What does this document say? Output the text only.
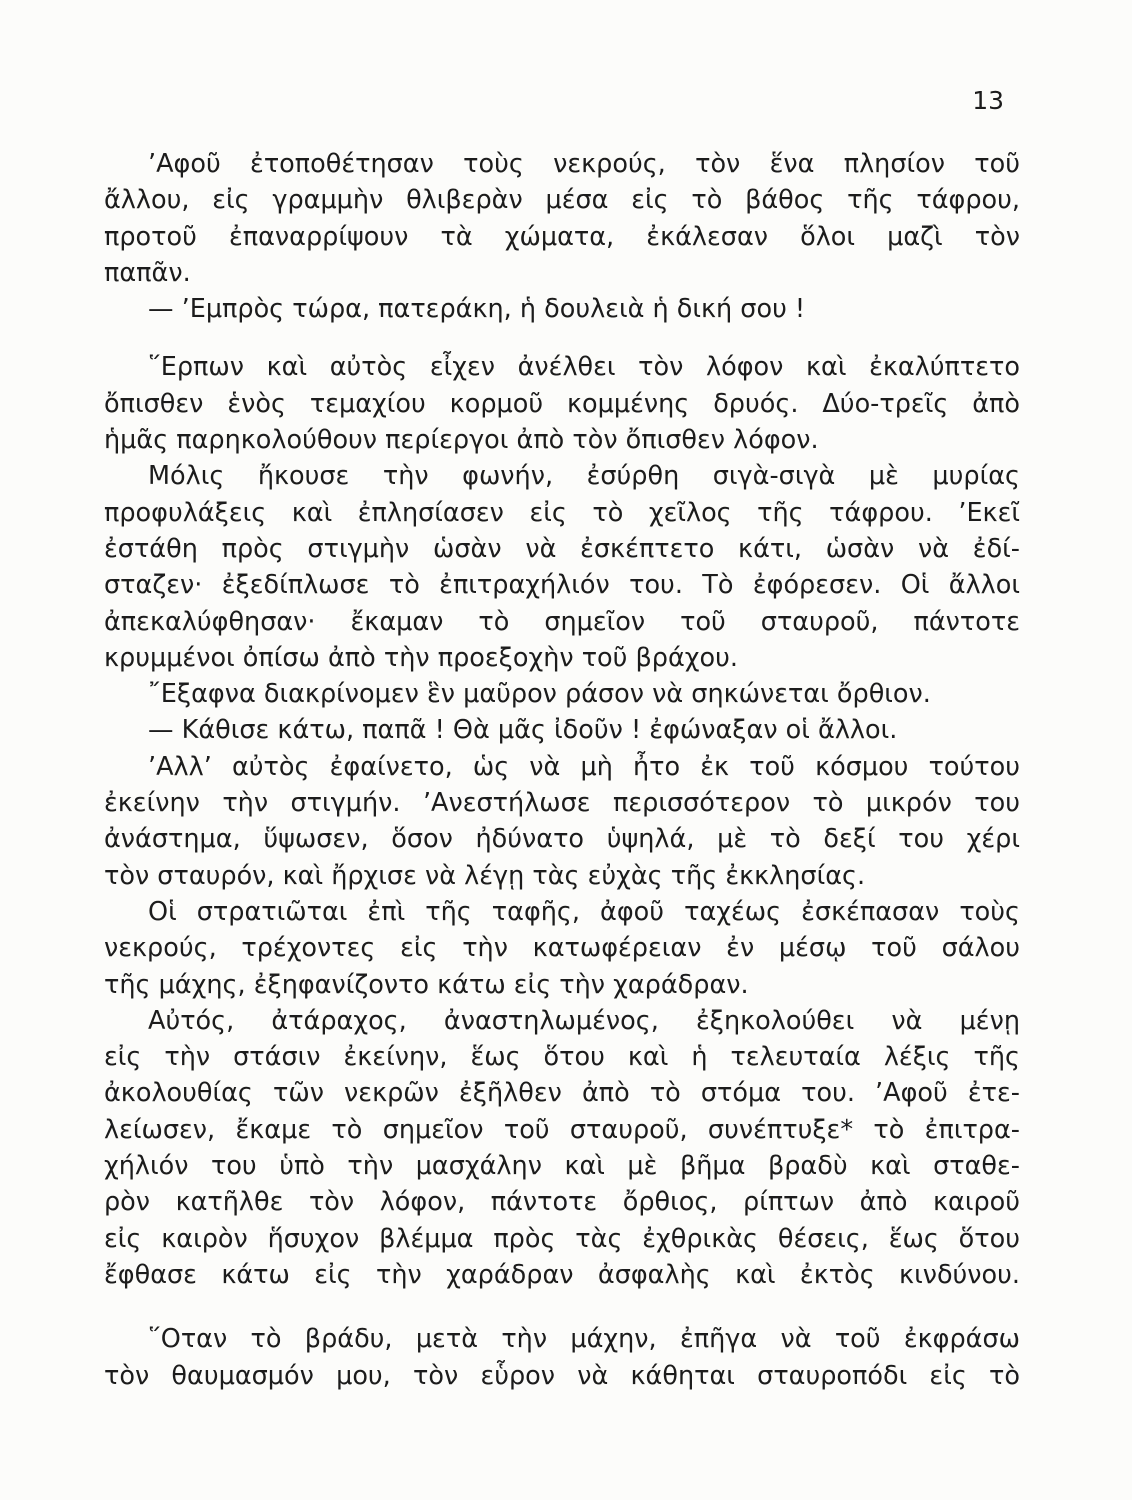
13
’Αφοῦ ἐτοποθέτησαν τοὺς νεκρούς, τὸν ἕνα πλησίον τοῦ
ἄλλου, εἰς γραμμὴν θλιβερὰν μέσα εἰς τὸ βάθος τῆς τάφρου,
προτοῦ ἐπαναρρίψουν τὰ χώματα, ἐκάλεσαν ὅλοι μαζὶ τὸν
παπᾶν.
— ’Εμπρὸς τώρα, πατεράκη, ἡ δουλειὰ ἡ δική σου !
῞Ερπων καὶ αὐτὸς εἶχεν ἀνέλθει τὸν λόφον καὶ ἐκαλύπτετο
ὄπισθεν ἑνὸς τεμαχίου κορμοῦ κομμένης δρυός. Δύο-τρεῖς ἀπὸ
ἡμᾶς παρηκολούθουν περίεργοι ἀπὸ τὸν ὄπισθεν λόφον.
Μόλις ἤκουσε τὴν φωνήν, ἐσύρθη σιγὰ-σιγὰ μὲ μυρίας
προφυλάξεις καὶ ἐπλησίασεν εἰς τὸ χεῖλος τῆς τάφρου. ’Εκεῖ
ἐστάθη πρὸς στιγμὴν ὡσὰν νὰ ἐσκέπτετο κάτι, ὡσὰν νὰ ἐδί-
σταζεν· ἐξεδίπλωσε τὸ ἐπιτραχήλιόν του. Τὸ ἐφόρεσεν. Οἱ ἄλλοι
ἀπεκαλύφθησαν· ἔκαμαν τὸ σημεῖον τοῦ σταυροῦ, πάντοτε
κρυμμένοι ὀπίσω ἀπὸ τὴν προεξοχὴν τοῦ βράχου.
῎Εξαφνα διακρίνομεν ἓν μαῦρον ράσον νὰ σηκώνεται ὄρθιον.
— Κάθισε κάτω, παπᾶ ! Θὰ μᾶς ἰδοῦν ! ἐφώναξαν οἱ ἄλλοι.
’Αλλ’ αὐτὸς ἐφαίνετο, ὡς νὰ μὴ ἦτο ἐκ τοῦ κόσμου τούτου
ἐκείνην τὴν στιγμήν. ’Ανεστήλωσε περισσότερον τὸ μικρόν του
ἀνάστημα, ὕψωσεν, ὅσον ἠδύνατο ὑψηλά, μὲ τὸ δεξί του χέρι
τὸν σταυρόν, καὶ ἤρχισε νὰ λέγῃ τὰς εὐχὰς τῆς ἐκκλησίας.
Οἱ στρατιῶται ἐπὶ τῆς ταφῆς, ἀφοῦ ταχέως ἐσκέπασαν τοὺς
νεκρούς, τρέχοντες εἰς τὴν κατωφέρειαν ἐν μέσῳ τοῦ σάλου
τῆς μάχης, ἐξηφανίζοντο κάτω εἰς τὴν χαράδραν.
Αὐτός, ἀτάραχος, ἀναστηλωμένος, ἐξηκολούθει νὰ μένῃ
εἰς τὴν στάσιν ἐκείνην, ἕως ὅτου καὶ ἡ τελευταία λέξις τῆς
ἀκολουθίας τῶν νεκρῶν ἐξῆλθεν ἀπὸ τὸ στόμα του. ’Αφοῦ ἐτε-
λείωσεν, ἔκαμε τὸ σημεῖον τοῦ σταυροῦ, συνέπτυξε* τὸ ἐπιτρα-
χήλιόν του ὑπὸ τὴν μασχάλην καὶ μὲ βῆμα βραδὺ καὶ σταθε-
ρὸν κατῆλθε τὸν λόφον, πάντοτε ὄρθιος, ρίπτων ἀπὸ καιροῦ
εἰς καιρὸν ἥσυχον βλέμμα πρὸς τὰς ἐχθρικὰς θέσεις, ἕως ὅτου
ἔφθασε κάτω εἰς τὴν χαράδραν ἀσφαλὴς καὶ ἐκτὸς κινδύνου.
῞Οταν τὸ βράδυ, μετὰ τὴν μάχην, ἐπῆγα νὰ τοῦ ἐκφράσω
τὸν θαυμασμόν μου, τὸν εὗρον νὰ κάθηται σταυροπόδι εἰς τὸ
